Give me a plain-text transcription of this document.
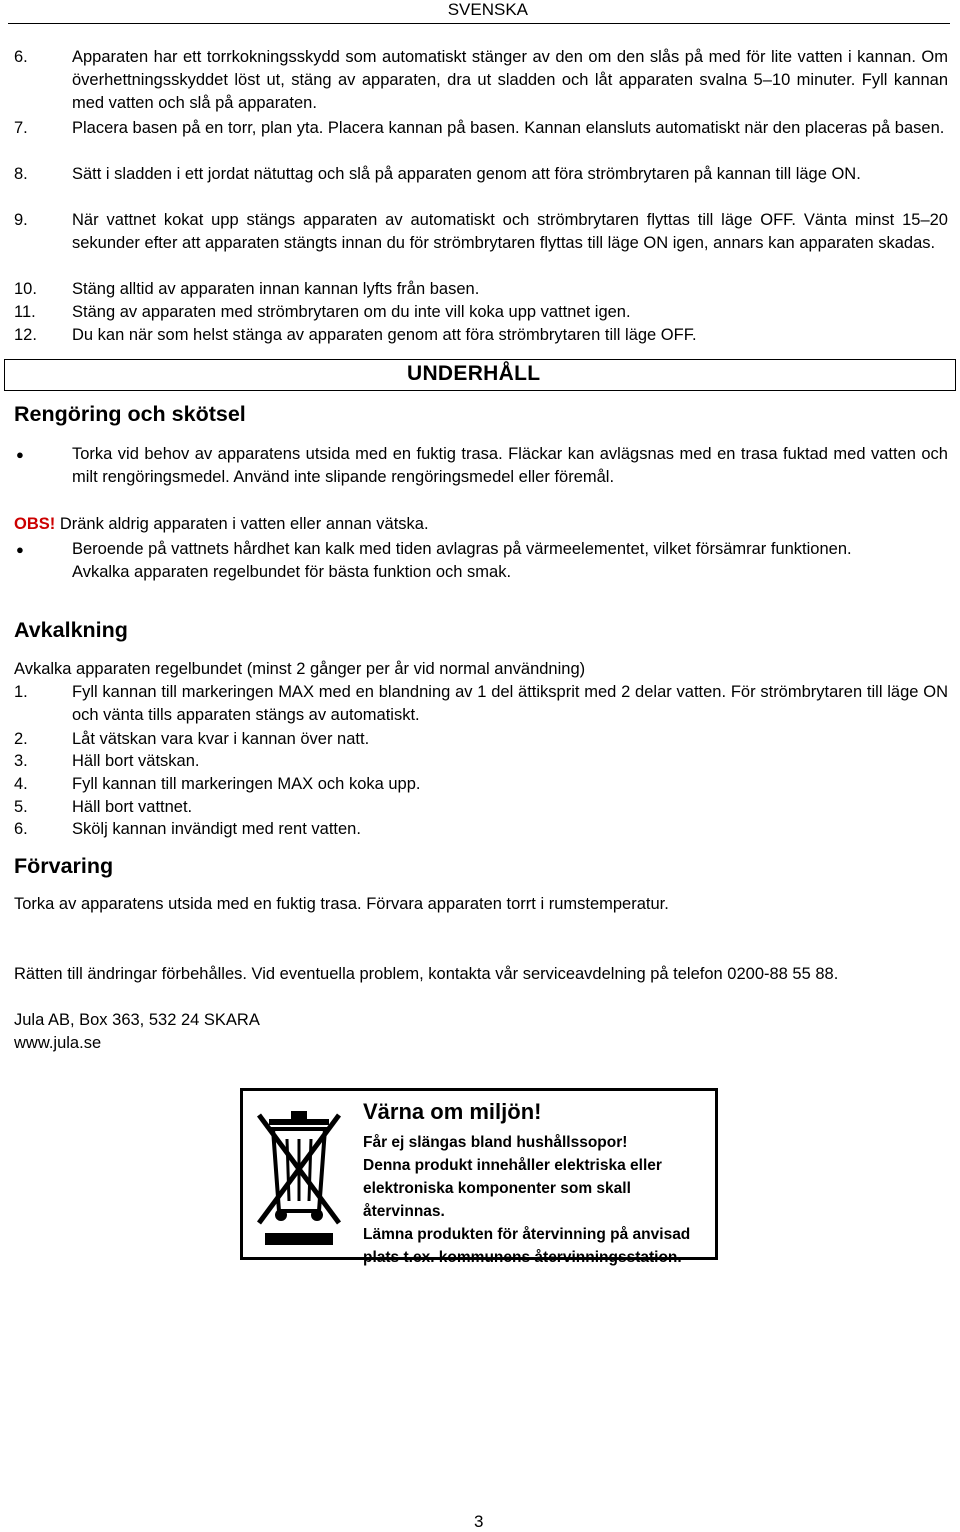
SVENSKA
6.	Apparaten har ett torrkokningsskydd som automatiskt stänger av den om den slås på med för lite vatten i kannan. Om överhettningsskyddet löst ut, stäng av apparaten, dra ut sladden och låt apparaten svalna 5–10 minuter. Fyll kannan med vatten och slå på apparaten.
7.	Placera basen på en torr, plan yta. Placera kannan på basen. Kannan elansluts automatiskt när den placeras på basen.
8.	Sätt i sladden i ett jordat nätuttag och slå på apparaten genom att föra strömbrytaren på kannan till läge ON.
9.	När vattnet kokat upp stängs apparaten av automatiskt och strömbrytaren flyttas till läge OFF. Vänta minst 15–20 sekunder efter att apparaten stängts innan du för strömbrytaren flyttas till läge ON igen, annars kan apparaten skadas.
10. Stäng alltid av apparaten innan kannan lyfts från basen.
11. Stäng av apparaten med strömbrytaren om du inte vill koka upp vattnet igen.
12. Du kan när som helst stänga av apparaten genom att föra strömbrytaren till läge OFF.
UNDERHÅLL
Rengöring och skötsel
●	Torka vid behov av apparatens utsida med en fuktig trasa. Fläckar kan avlägsnas med en trasa fuktad med vatten och milt rengöringsmedel. Använd inte slipande rengöringsmedel eller föremål.
OBS! Dränk aldrig apparaten i vatten eller annan vätska.
●	Beroende på vattnets hårdhet kan kalk med tiden avlagras på värmeelementet, vilket försämrar funktionen.
Avkalka apparaten regelbundet för bästa funktion och smak.
Avkalkning
Avkalka apparaten regelbundet (minst 2 gånger per år vid normal användning)
1.	Fyll kannan till markeringen MAX med en blandning av 1 del ättiksprit med 2 delar vatten. För strömbrytaren till läge ON och vänta tills apparaten stängs av automatiskt.
2.	Låt vätskan vara kvar i kannan över natt.
3.	Häll bort vätskan.
4.	Fyll kannan till markeringen MAX och koka upp.
5.	Häll bort vattnet.
6.	Skölj kannan invändigt med rent vatten.
Förvaring
Torka av apparatens utsida med en fuktig trasa. Förvara apparaten torrt i rumstemperatur.
Rätten till ändringar förbehålles. Vid eventuella problem, kontakta vår serviceavdelning på telefon 0200-88 55 88.
Jula AB, Box 363, 532 24 SKARA
www.jula.se
Värna om miljön!
Får ej slängas bland hushållssopor!
Denna produkt innehåller elektriska eller
elektroniska komponenter som skall återvinnas.
Lämna produkten för återvinning på anvisad
plats t.ex. kommunens återvinningsstation.
3
